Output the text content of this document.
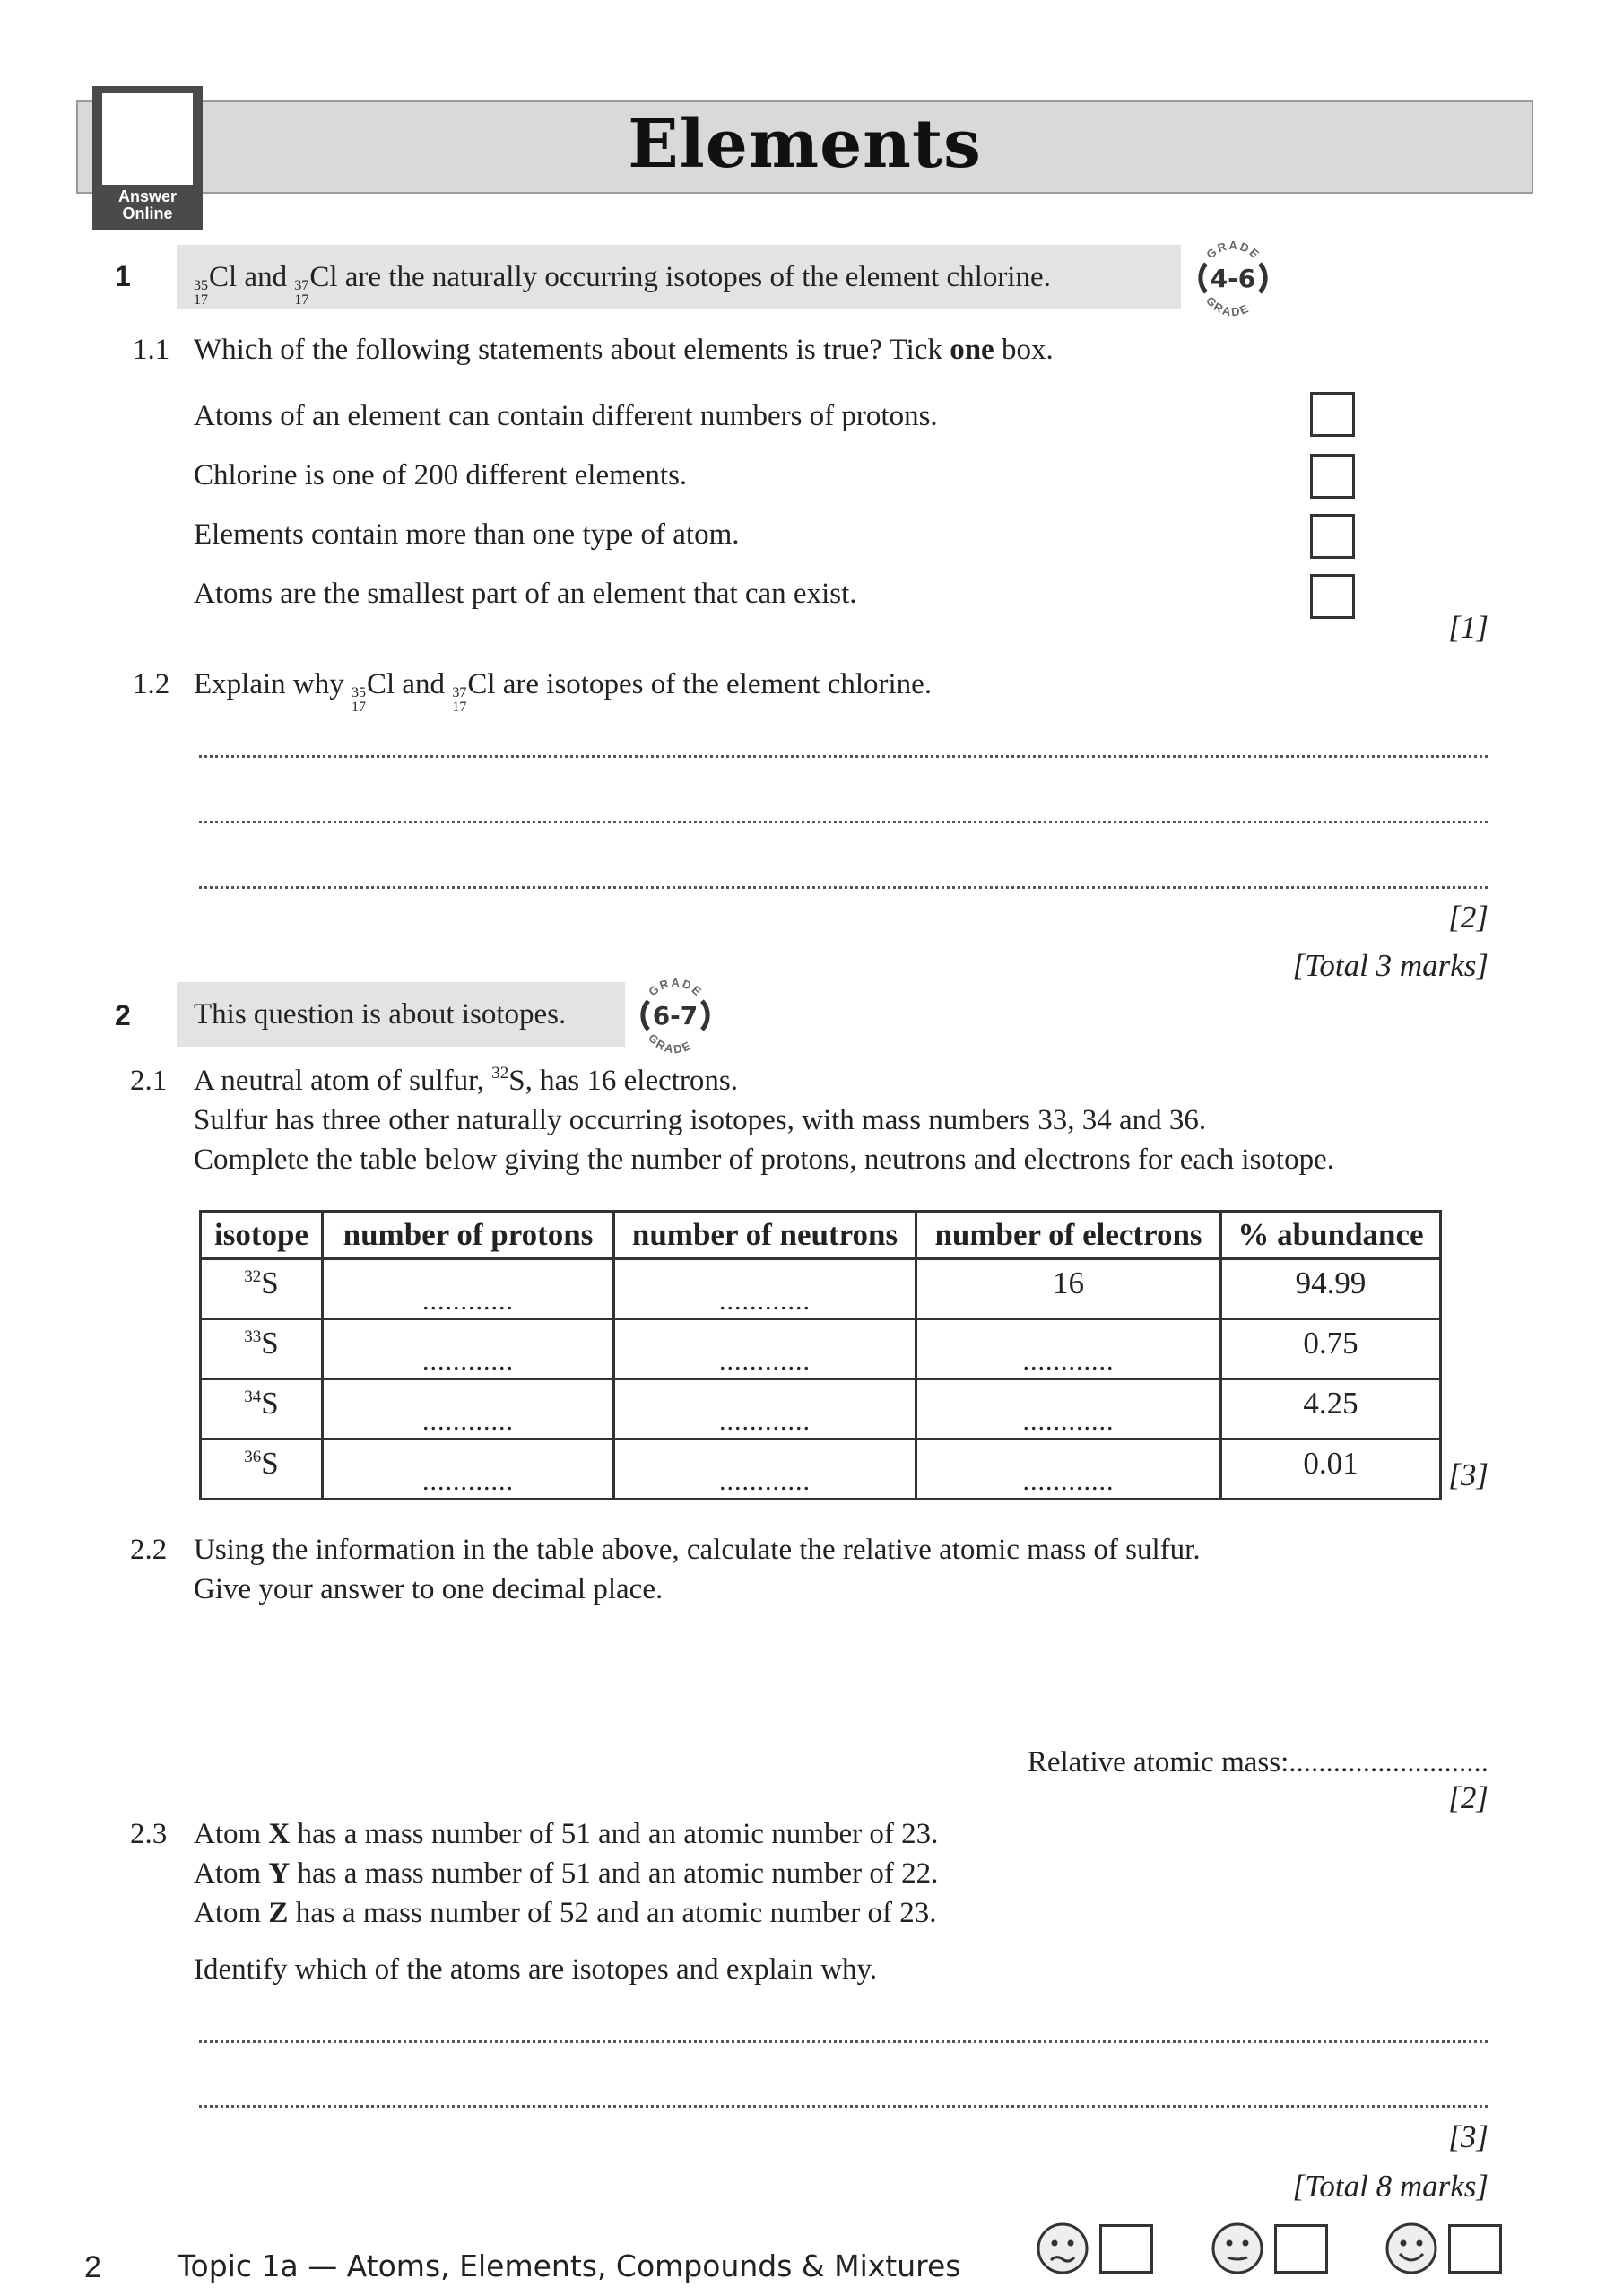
Elements
Answer
Online
1	35
17
Cl and 37
17
Cl are the naturally occurring isotopes of the element chlorine.
GRADE
GRADE
4-6
1.1 Which of the following statements about elements is true? Tick one box.
Atoms of an element can contain different numbers of protons.
Chlorine is one of 200 different elements.
Elements contain more than one type of atom.
Atoms are the smallest part of an element that can exist.
[1]
1.2 Explain why 35
17
Cl and 37
17
Cl are isotopes of the element chlorine.
[2]
[Total 3 marks]
2 This question is about isotopes.
GRADE
GRADE
6-7
2.1 A neutral atom of sulfur, $^{32}$S, has 16 electrons.
Sulfur has three other naturally occurring isotopes, with mass numbers 33, 34 and 36.
Complete the table below giving the number of protons, neutrons and electrons for each isotope.
isotope	number of protons	number of neutrons	number of electrons	% abundance
$^{32}$S	............	............	16	94.99
$^{33}$S	............	............	............	0.75
$^{34}$S	............	............	............	4.25
$^{36}$S	............	............	............	0.01	[3]
2.2 Using the information in the table above, calculate the relative atomic mass of sulfur.
Give your answer to one decimal place.
Relative atomic mass:...........................
[2]
2.3 Atom X has a mass number of 51 and an atomic number of 23.
Atom Y has a mass number of 51 and an atomic number of 22.
Atom Z has a mass number of 52 and an atomic number of 23.
Identify which of the atoms are isotopes and explain why.
[3]
[Total 8 marks]
2	Topic 1a — Atoms, Elements, Compounds & Mixtures
